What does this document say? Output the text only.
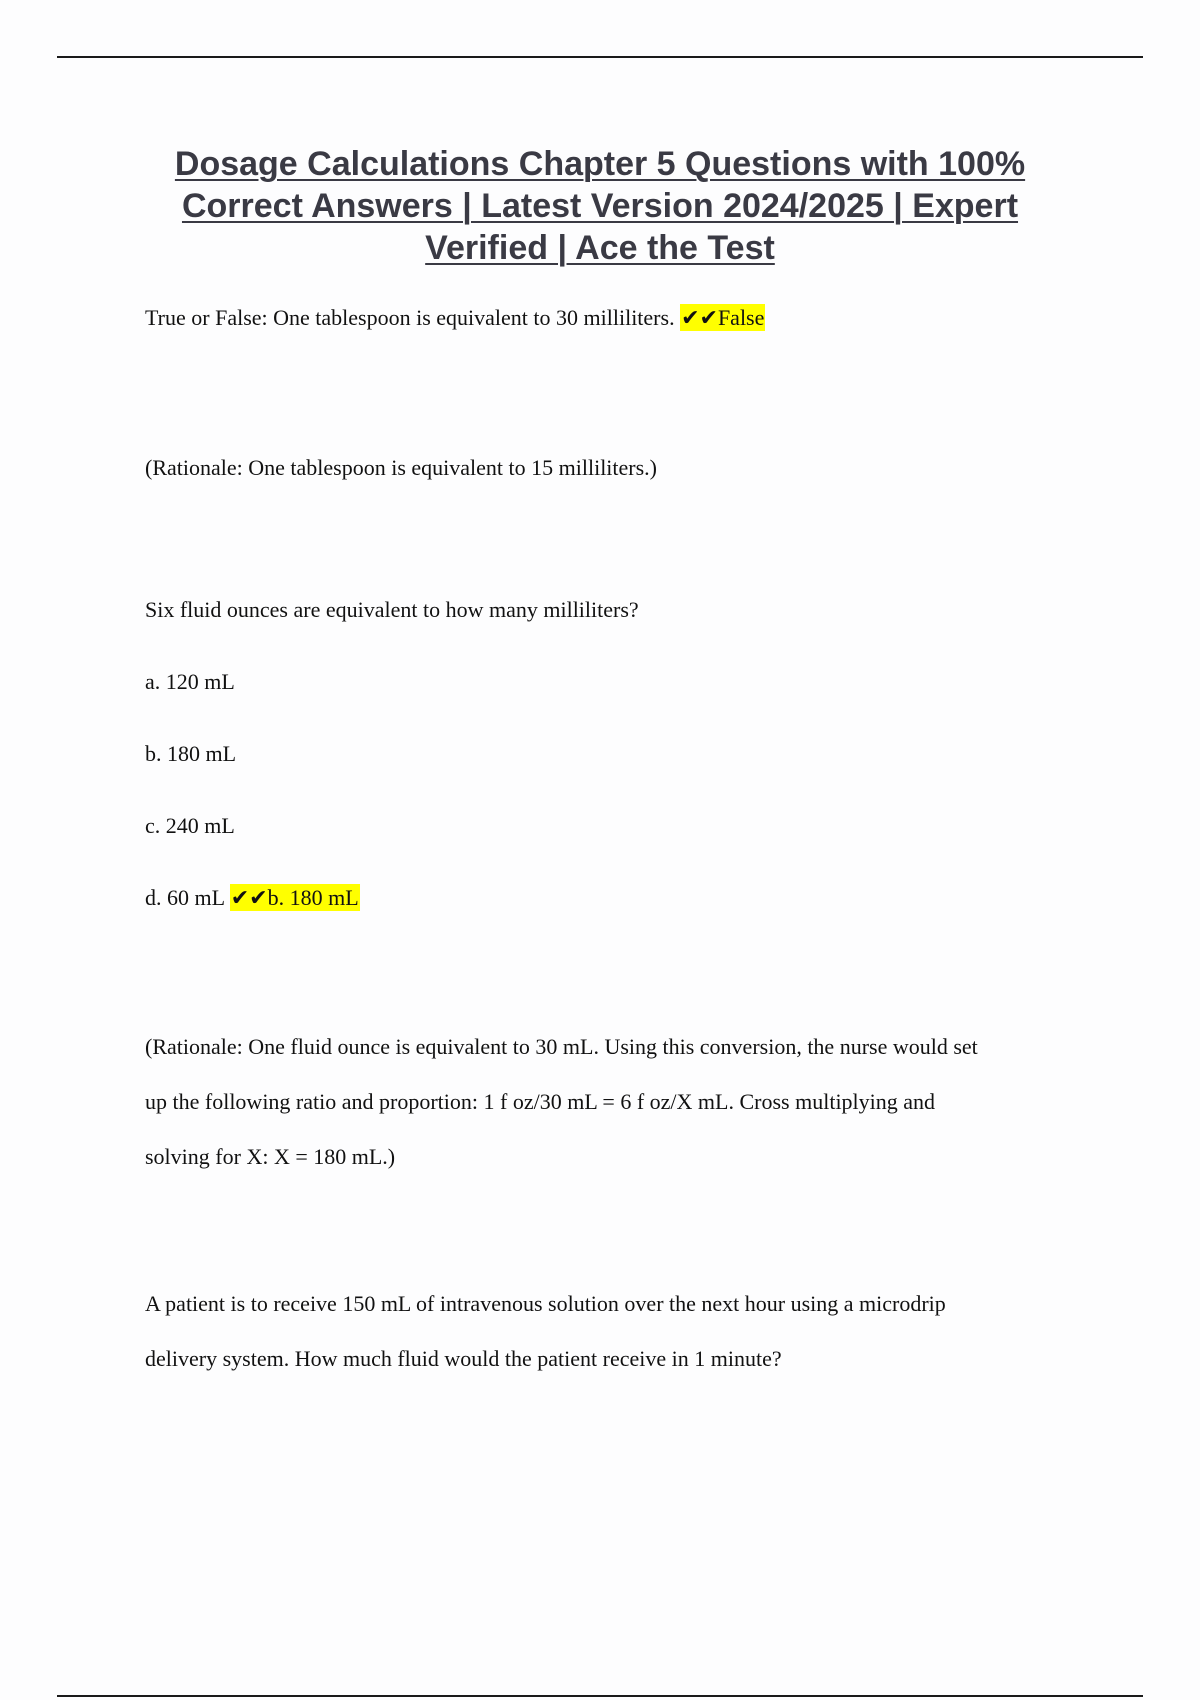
Dosage Calculations Chapter 5 Questions with 100% Correct Answers | Latest Version 2024/2025 | Expert Verified | Ace the Test

True or False: One tablespoon is equivalent to 30 milliliters. ✔✔False

(Rationale: One tablespoon is equivalent to 15 milliliters.)

Six fluid ounces are equivalent to how many milliliters?

a. 120 mL

b. 180 mL

c. 240 mL

d. 60 mL ✔✔b. 180 mL

(Rationale: One fluid ounce is equivalent to 30 mL. Using this conversion, the nurse would set

up the following ratio and proportion: 1 f oz/30 mL = 6 f oz/X mL. Cross multiplying and

solving for X: X = 180 mL.)

A patient is to receive 150 mL of intravenous solution over the next hour using a microdrip

delivery system. How much fluid would the patient receive in 1 minute?
